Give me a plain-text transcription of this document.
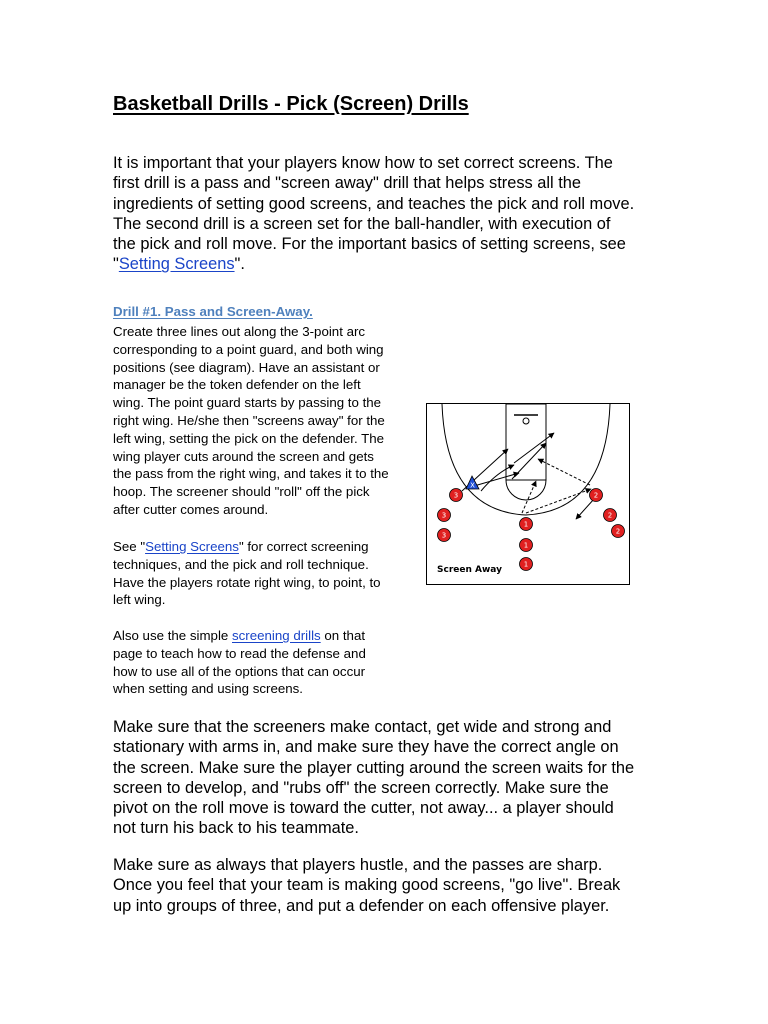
Basketball Drills - Pick (Screen) Drills
It is important that your players know how to set correct screens. The
first drill is a pass and "screen away" drill that helps stress all the
ingredients of setting good screens, and teaches the pick and roll move.
The second drill is a screen set for the ball-handler, with execution of
the pick and roll move. For the important basics of setting screens, see
"Setting Screens".
Drill #1. Pass and Screen-Away.
Create three lines out along the 3-point arc
corresponding to a point guard, and both wing
positions (see diagram). Have an assistant or
manager be the token defender on the left
wing. The point guard starts by passing to the
right wing. He/she then "screens away" for the
left wing, setting the pick on the defender. The
wing player cuts around the screen and gets
the pass from the right wing, and takes it to the
hoop. The screener should "roll" off the pick
after cutter comes around.
See "Setting Screens" for correct screening
techniques, and the pick and roll technique.
Have the players rotate right wing, to point, to
left wing.
Also use the simple screening drills on that
page to teach how to read the defense and
how to use all of the options that can occur
when setting and using screens.
Make sure that the screeners make contact, get wide and strong and
stationary with arms in, and make sure they have the correct angle on
the screen. Make sure the player cutting around the screen waits for the
screen to develop, and "rubs off" the screen correctly. Make sure the
pivot on the roll move is toward the cutter, not away... a player should
not turn his back to his teammate.
Make sure as always that players hustle, and the passes are sharp.
Once you feel that your team is making good screens, "go live". Break
up into groups of three, and put a defender on each offensive player.
X
3
3
3
1
1
1
2
2
2
Screen Away
